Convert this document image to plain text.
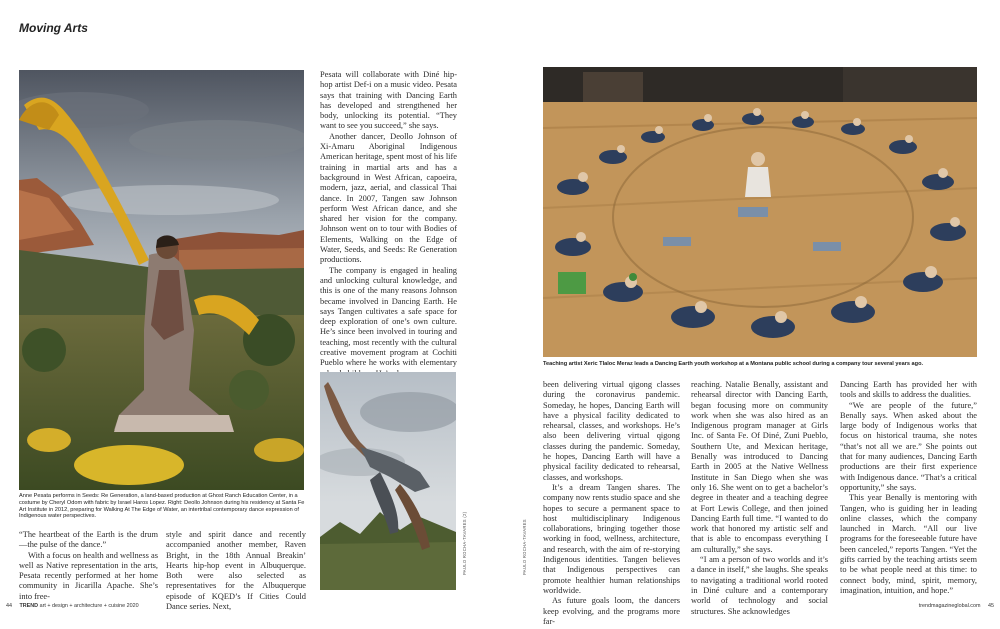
Moving Arts
Anne Pesata performs in Seeds: Re Generation, a land-based production at Ghost Ranch Education Center, in a costume by Cheryl Odom with fabric by Israel Haros Lopez. Right: Deollo Johnson during his residency at Santa Fe Art Institute in 2012, preparing for Walking At The Edge of Water, an intertribal contemporary dance expression of Indigenous water perspectives.

Pesata will collaborate with Diné hip-hop artist Def-i on a music video. Pesata says that training with Dancing Earth has developed and strengthened her body, unlocking its potential. “They want to see you succeed,” she says.

Another dancer, Deollo Johnson of Xi-Amaru Aboriginal Indigenous American heritage, spent most of his life training in martial arts and has a background in West African, capoeira, modern, jazz, aerial, and classical Thai dance. In 2007, Tangen saw Johnson perform West African dance, and she shared her vision for the company. Johnson went on to tour with Bodies of Elements, Walking on the Edge of Water, Seeds, and Seeds: Re Generation productions.

The company is engaged in healing and unlocking cultural knowledge, and this is one of the many reasons Johnson became involved in Dancing Earth. He says Tangen cultivates a safe space for deep exploration of one’s own culture. He’s since been involved in touring and teaching, most recently with the cultural creative movement program at Cochiti Pueblo where he works with elementary

PAULO ROCHA-TAVARES (2)	PAULO ROCHA-TAVARES

“The heartbeat of the Earth is the drum—the pulse of the dance.”

With a focus on health and wellness as well as Native representation in the arts, Pesata recently performed at her home community in Jicarilla Apache. She’s into free-

style and spirit dance and recently accompanied another member, Raven Bright, in the 18th Annual Breakin’ Hearts hip-hop event in Albuquerque. Both were also selected as representatives for the Albuquerque episode of KQED’s If Cities Could Dance series. Next,

Teaching artist Xeric Tlaloc Meraz leads a Dancing Earth youth workshop at a Montana public school during a company tour several years ago.

been delivering virtual qigong classes during the coronavirus pandemic. Someday, he hopes, Dancing Earth will have a physical facility dedicated to rehearsal, classes, and workshops. He’s also been delivering virtual qigong classes during the pandemic. Someday, he hopes, Dancing Earth will have a physical facility dedicated to rehearsal, classes, and workshops.

It’s a dream Tangen shares. The company now rents studio space and she hopes to secure a permanent space to host multidisciplinary Indigenous collaborations, bringing together those working in food, wellness, architecture, and research, with the aim of re-storying Indigenous identities. Tangen believes that Indigenous perspectives can promote healthier human relationships worldwide.

As future goals loom, the dancers keep evolving, and the programs more far-

reaching. Natalie Benally, assistant and rehearsal director with Dancing Earth, began focusing more on community work when she was also hired as an Indigenous program manager at Girls Inc. of Santa Fe. Of Diné, Zuni Pueblo, Southern Ute, and Mexican heritage, Benally was introduced to Dancing Earth in 2005 at the Native Wellness Institute in San Diego when she was only 16. She went on to get a bachelor’s degree in theater and a teaching degree at Fort Lewis College, and then joined Dancing Earth full time. “I wanted to do work that honored my artistic self and that is able to encompass everything I am culturally,” she says.

“I am a person of two worlds and it’s a dance in itself,” she laughs. She speaks to navigating a traditional world rooted in Diné culture and a contemporary world of technology and social structures. She acknowledges

Dancing Earth has provided her with tools and skills to address the dualities.

“We are people of the future,” Benally says. When asked about the large body of Indigenous works that focus on historical trauma, she notes “that’s not all we are.” She points out that for many audiences, Dancing Earth productions are their first experience with Indigenous dance. “That’s a critical opportunity,” she says.

This year Benally is mentoring with Tangen, who is guiding her in leading online classes, which the company launched in March. “All our live programs for the foreseeable future have been canceled,” reports Tangen. “Yet the gifts carried by the teaching artists seem to be what people need at this time: to connect body, mind, spirit, memory, imagination, intuition, and hope.”

44 TREND art + design + architecture + cuisine 2020	trendmagazineglobal.com 45
